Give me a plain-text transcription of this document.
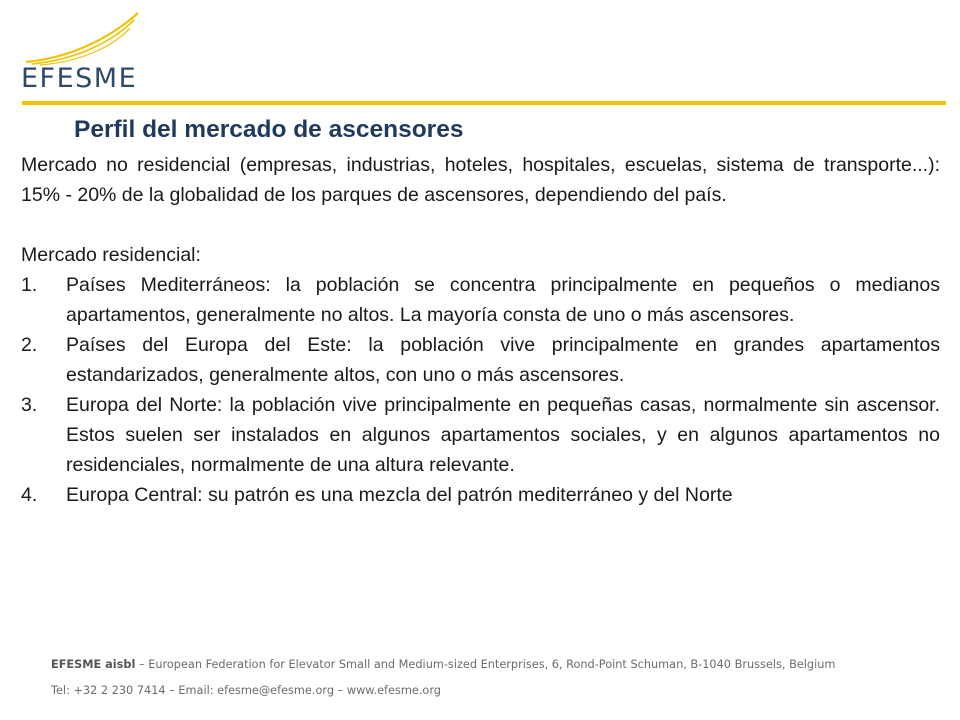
EFESME
Perfil del mercado de ascensores

Mercado no residencial (empresas, industrias, hoteles, hospitales, escuelas, sistema de transporte...): 15% - 20% de la globalidad de los parques de ascensores, dependiendo del país.

Mercado residencial:

1. Países Mediterráneos: la población se concentra principalmente en pequeños o medianos apartamentos, generalmente no altos. La mayoría consta de uno o más ascensores.
2. Países del Europa del Este: la población vive principalmente en grandes apartamentos estandarizados, generalmente altos, con uno o más ascensores.
3. Europa del Norte: la población vive principalmente en pequeñas casas, normalmente sin ascensor. Estos suelen ser instalados en algunos apartamentos sociales, y en algunos apartamentos no residenciales, normalmente de una altura relevante.
4. Europa Central: su patrón es una mezcla del patrón mediterráneo y del Norte
EFESME aisbl – European Federation for Elevator Small and Medium-sized Enterprises, 6, Rond-Point Schuman, B-1040 Brussels, Belgium
Tel: +32 2 230 7414 – Email: efesme@efesme.org – www.efesme.org
